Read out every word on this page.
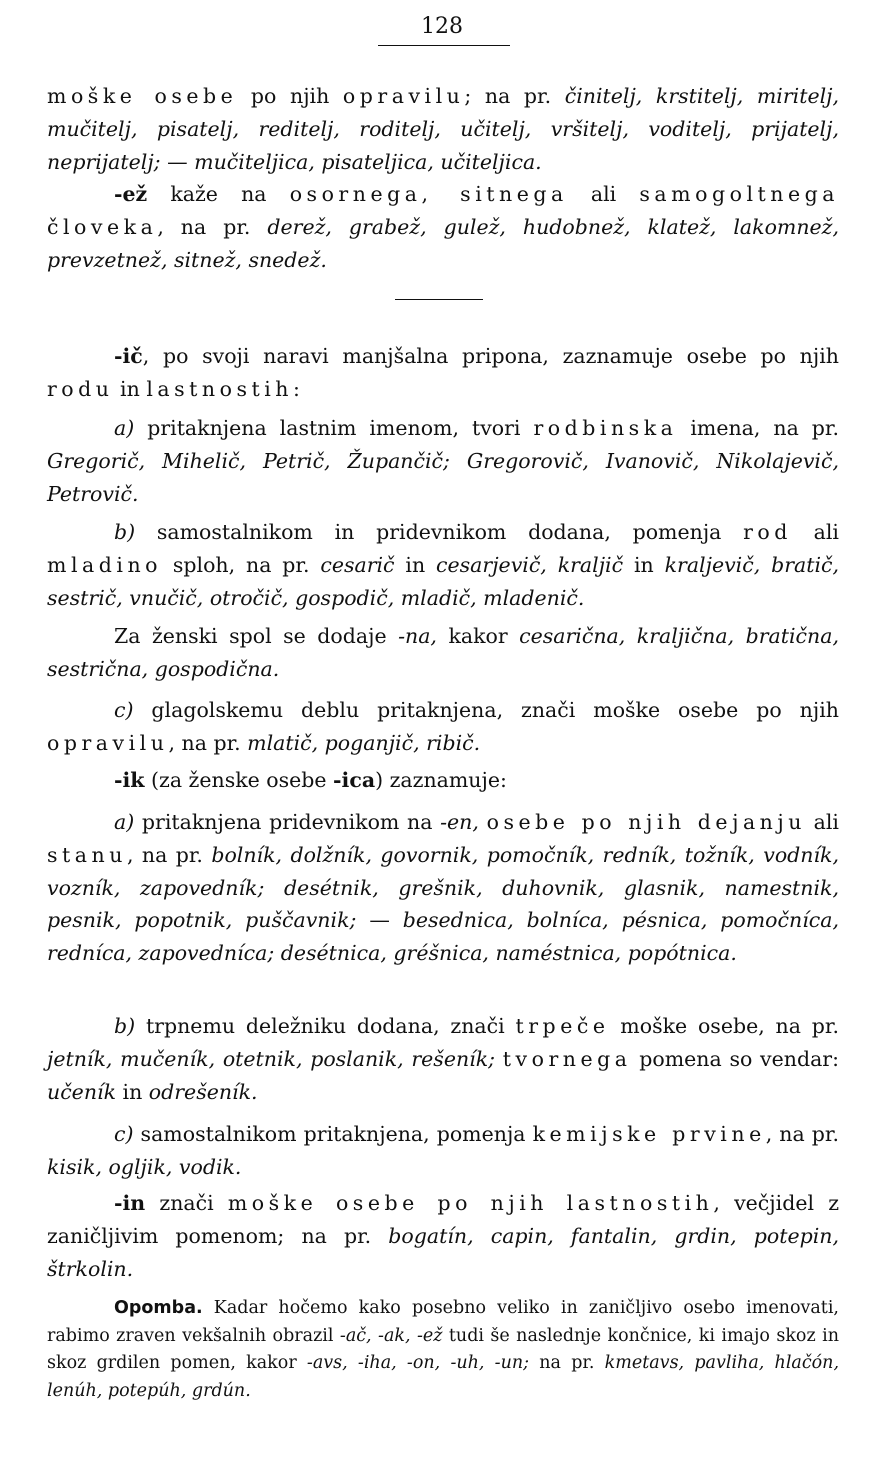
128
moške osebe po njih opravilu; na pr. činitelj, krstitelj, miritelj, mučitelj, pisatelj, reditelj, roditelj, učitelj, vršitelj, voditelj, prijatelj, neprijatelj; — mučiteljica, pisateljica, učiteljica.
-ež kaže na osornega, sitnega ali samogoltnega človeka, na pr. derež, grabež, gulež, hudobnež, klatež, lakomnež, prevzetnež, sitnež, snedež.
-ič, po svoji naravi manjšalna pripona, zaznamuje osebe po njih rodu in lastnostih:
a) pritaknjena lastnim imenom, tvori rodbinska imena, na pr. Gregorič, Mihelič, Petrič, Župančič; Gregorovič, Ivanovič, Nikolajevič, Petrovič.
b) samostalnikom in pridevnikom dodana, pomenja rod ali mladino sploh, na pr. cesarič in cesarjevič, kraljič in kraljevič, bratič, sestrič, vnučič, otročič, gospodič, mladič, mladenič.
Za ženski spol se dodaje -na, kakor cesarična, kraljična, bratična, sestrična, gospodična.
c) glagolskemu deblu pritaknjena, znači moške osebe po njih opravilu, na pr. mlatič, poganjič, ribič.
-ik (za ženske osebe -ica) zaznamuje:
a) pritaknjena pridevnikom na -en, osebe po njih dejanju ali stanu, na pr. bolník, dolžník, govornik, pomočník, redník, tožník, vodník, vozník, zapovedník; desétnik, grešnik, duhovnik, glasnik, namestnik, pesnik, popotnik, puščavnik; — besednica, bolníca, pésnica, pomočníca, redníca, zapovedníca; desétnica, gréšnica, naméstnica, popótnica.
b) trpnemu deležniku dodana, znači trpeče moške osebe, na pr. jetník, mučeník, otetnik, poslanik, rešeník; tvornega pomena so vendar: učeník in odrešeník.
c) samostalnikom pritaknjena, pomenja kemijske prvine, na pr. kisik, ogljik, vodik.
-in znači moške osebe po njih lastnostih, večjidel z zaničljivim pomenom; na pr. bogatín, capin, fantalin, grdin, potepin, štrkolin.
Opomba. Kadar hočemo kako posebno veliko in zaničljivo osebo imenovati, rabimo zraven vekšalnih obrazil -ač, -ak, -ež tudi še naslednje končnice, ki imajo skoz in skoz grdilen pomen, kakor -avs, -iha, -on, -uh, -un; na pr. kmetavs, pavliha, hlačón, lenúh, potepúh, grdún.
